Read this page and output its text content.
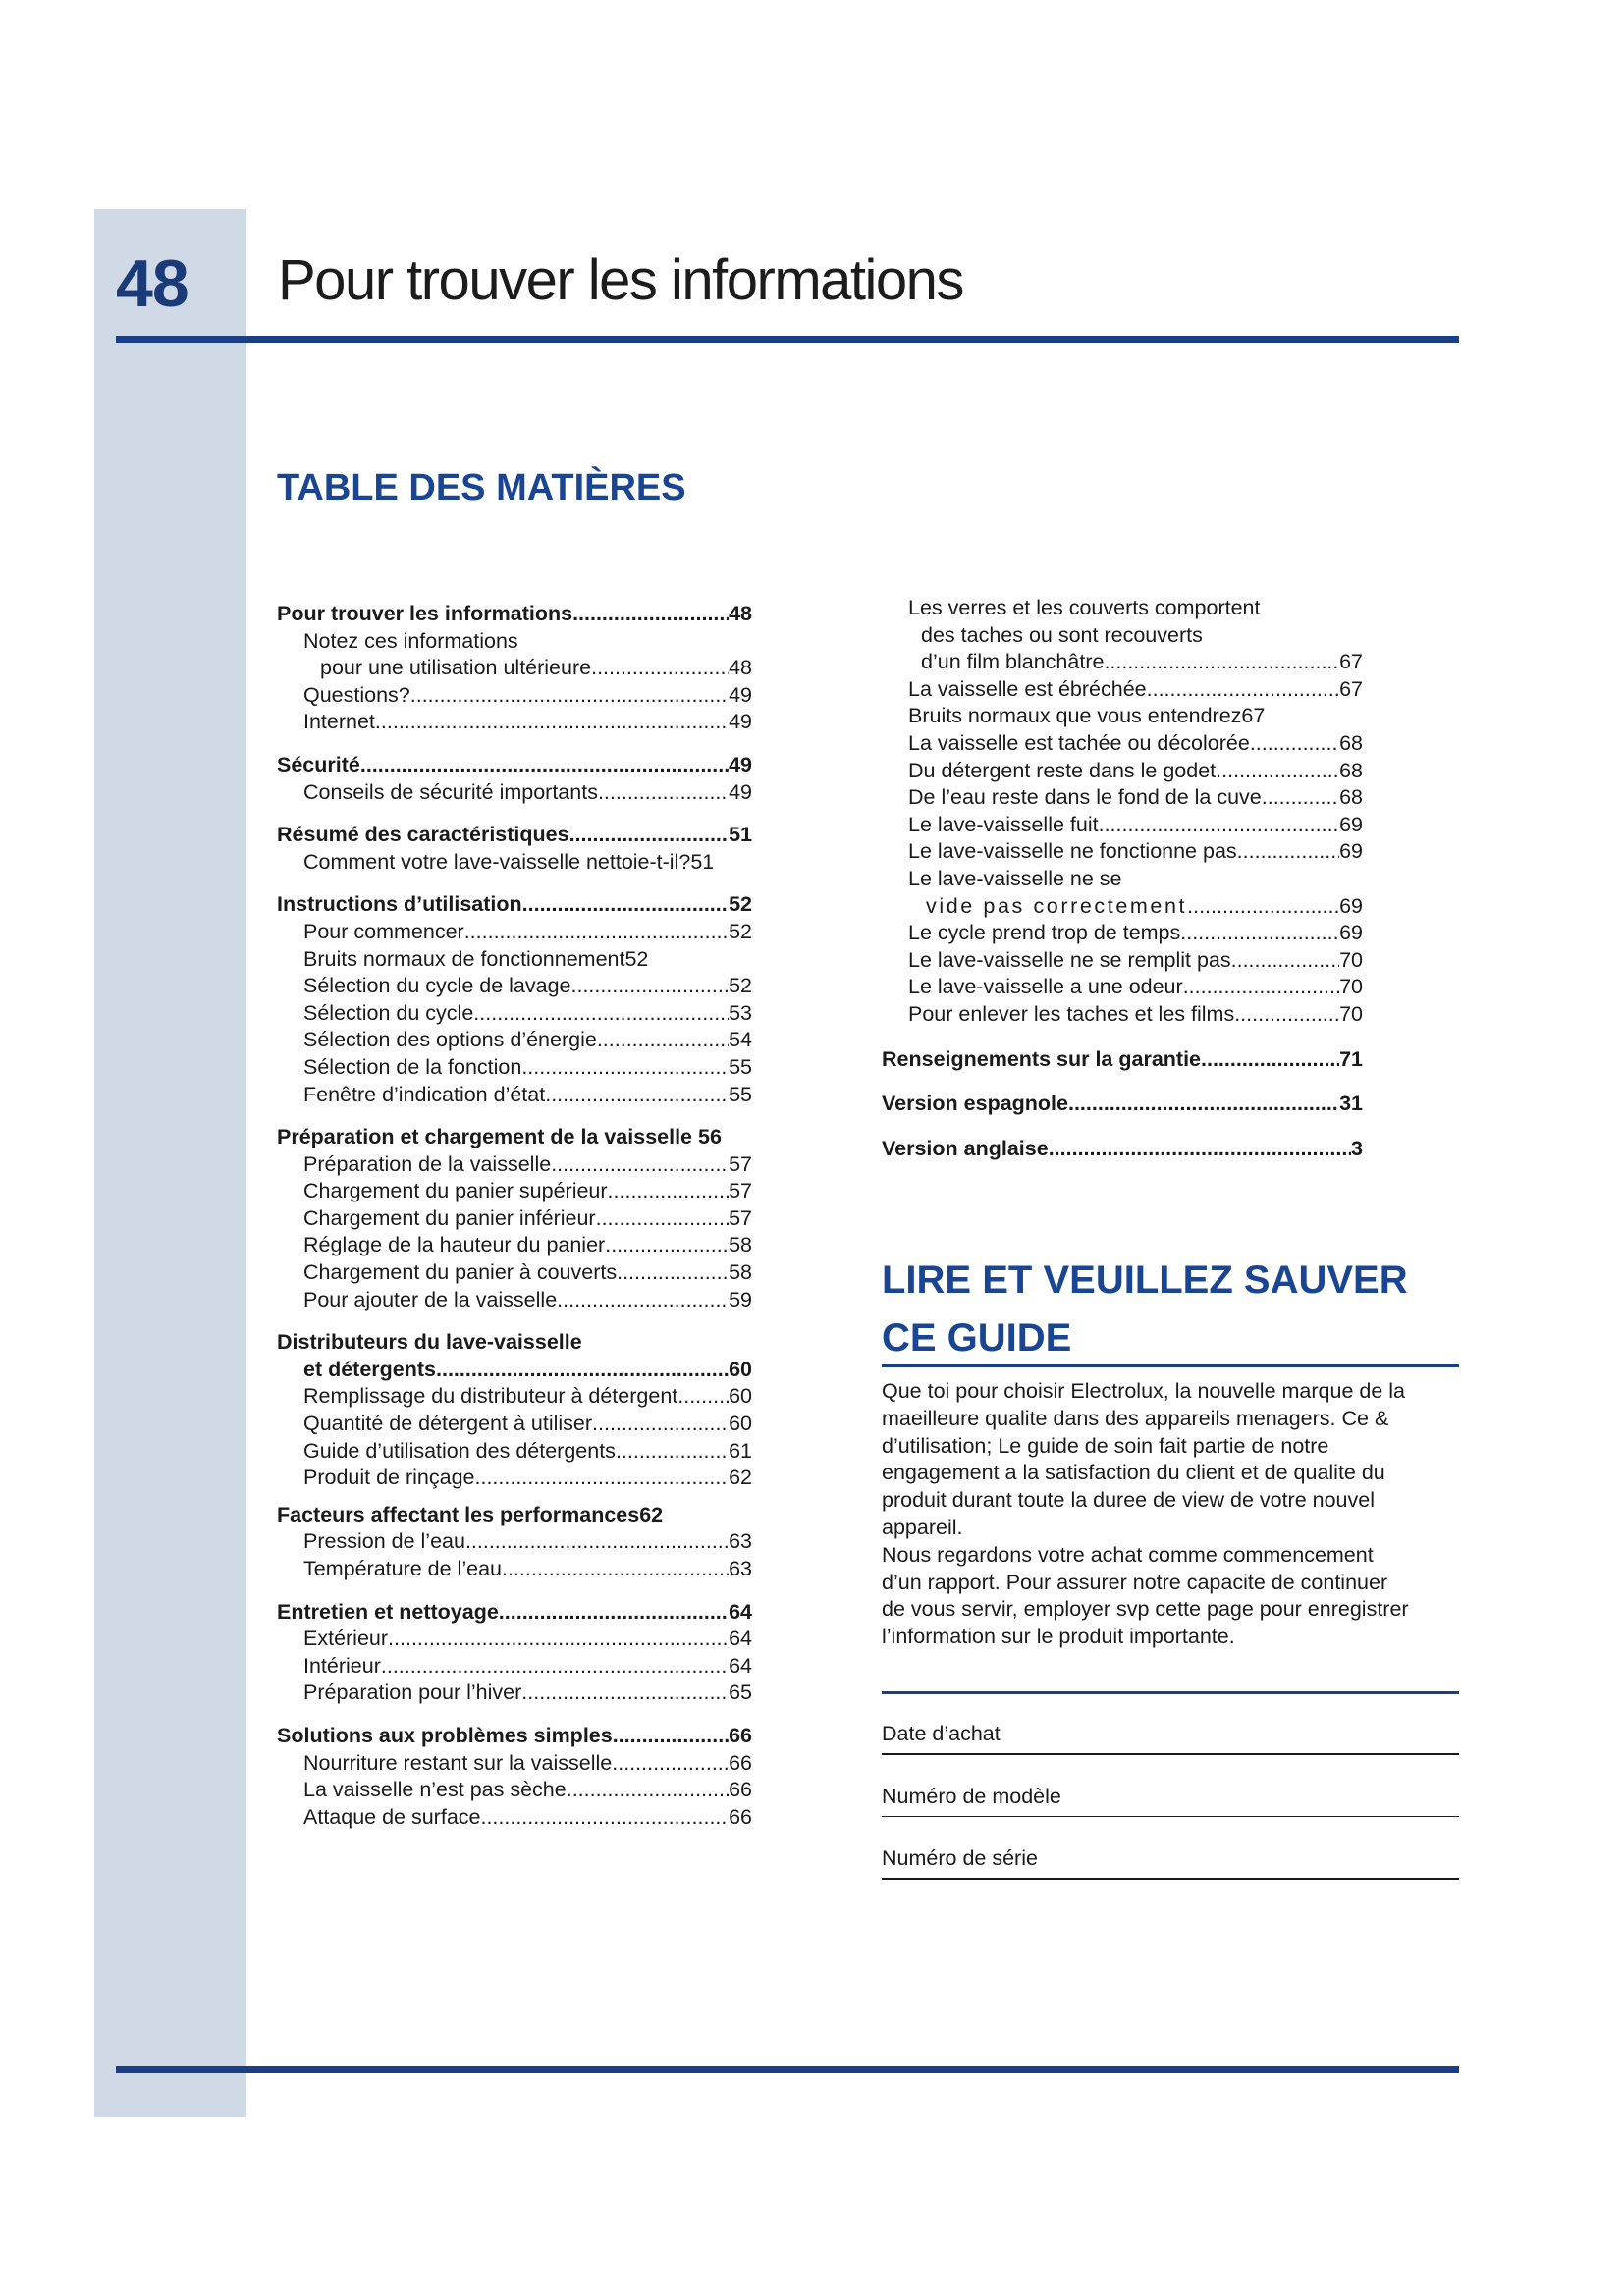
48 Pour trouver les informations
TABLE DES MATIÈRES
Pour trouver les informations .....	48
Notez ces informations
pour une utilisation ultérieure .....	48
Questions? .....	49
Internet .....	49
Sécurité .....	49
Conseils de sécurité importants .....	49
Résumé des caractéristiques .....	51
Comment votre lave-vaisselle nettoie-t-il?51
Instructions d’utilisation .....	52
Pour commencer .....	52
Bruits normaux de fonctionnement52
Sélection du cycle de lavage .....	52
Sélection du cycle .....	53
Sélection des options d’énergie .....	54
Sélection de la fonction .....	55
Fenêtre d’indication d’état .....	55
Préparation et chargement de la vaisselle 56
Préparation de la vaisselle .....	57
Chargement du panier supérieur .....	57
Chargement du panier inférieur .....	57
Réglage de la hauteur du panier .....	58
Chargement du panier à couverts .....	58
Pour ajouter de la vaisselle .....	59
Distributeurs du lave-vaisselle
et détergents .....	60
Remplissage du distributeur à détergent ..... 60
Quantité de détergent à utiliser .....	60
Guide d’utilisation des détergents .....	61
Produit de rinçage .....	62
Facteurs affectant les performances62
Pression de l’eau .....	63
Température de l’eau .....	63
Entretien et nettoyage .....	64
Extérieur .....	64
Intérieur .....	64
Préparation pour l’hiver .....	65
Solutions aux problèmes simples .....	66
Nourriture restant sur la vaisselle .....	66
La vaisselle n’est pas sèche .....	66
Attaque de surface .....	66
Les verres et les couverts comportent
des taches ou sont recouverts
d’un film blanchâtre .....	67
La vaisselle est ébréchée .....	67
Bruits normaux que vous entendrez67
La vaisselle est tachée ou décolorée .....	68
Du détergent reste dans le godet .....	68
De l’eau reste dans le fond de la cuve .....	68
Le lave-vaisselle fuit .....	69
Le lave-vaisselle ne fonctionne pas .....	69
Le lave-vaisselle ne se
vide pas correctement .....	69
Le cycle prend trop de temps .....	69
Le lave-vaisselle ne se remplit pas .....	70
Le lave-vaisselle a une odeur .....	70
Pour enlever les taches et les films .....	70
Renseignements sur la garantie .....	71
Version espagnole .....	31
Version anglaise .....	3
LIRE ET VEUILLEZ SAUVER
CE GUIDE

Que toi pour choisir Electrolux, la nouvelle marque de la
maeilleure qualite dans des appareils menagers. Ce &
d’utilisation; Le guide de soin fait partie de notre
engagement a la satisfaction du client et de qualite du
produit durant toute la duree de view de votre nouvel
appareil.

Nous regardons votre achat comme commencement
d’un rapport. Pour assurer notre capacite de continuer
de vous servir, employer svp cette page pour enregistrer
l’information sur le produit importante.

Date d’achat
Numéro de modèle
Numéro de série
